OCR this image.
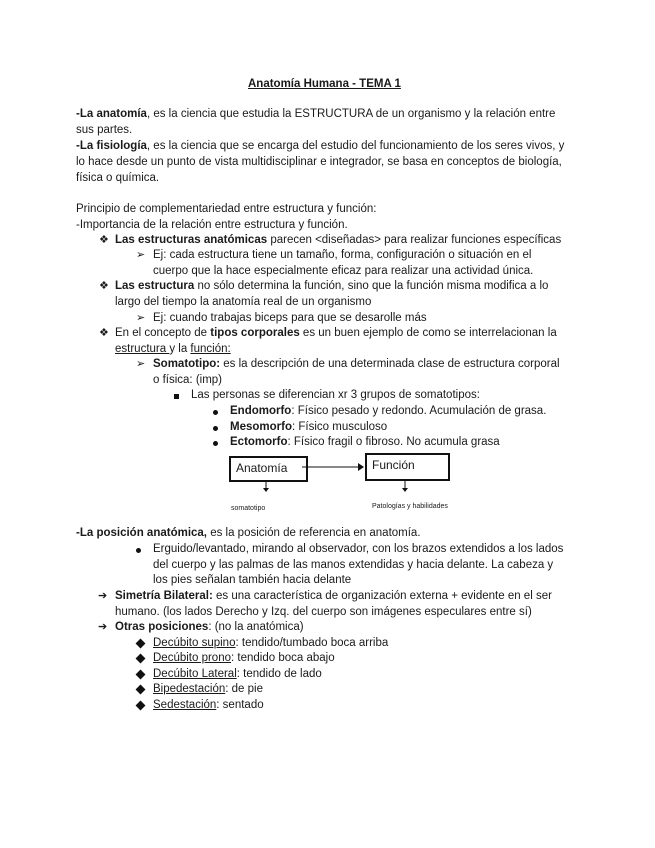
Anatomía Humana - TEMA 1
-La anatomía, es la ciencia que estudia la ESTRUCTURA de un organismo y la relación entre
sus partes.
-La fisiología, es la ciencia que se encarga del estudio del funcionamiento de los seres vivos, y
lo hace desde un punto de vista multidisciplinar e integrador, se basa en conceptos de biología,
física o química.
Principio de complementariedad entre estructura y función:
-Importancia de la relación entre estructura y función.
❖ Las estructuras anatómicas parecen <diseñadas> para realizar funciones específicas
➢ Ej: cada estructura tiene un tamaño, forma, configuración o situación en el
cuerpo que la hace especialmente eficaz para realizar una actividad única.
❖ Las estructura no sólo determina la función, sino que la función misma modifica a lo
largo del tiempo la anatomía real de un organismo
➢ Ej: cuando trabajas biceps para que se desarolle más
❖ En el concepto de tipos corporales es un buen ejemplo de como se interrelacionan la
estructura y la función:
➢ Somatotipo: es la descripción de una determinada clase de estructura corporal
o física: (imp)
Las personas se diferencian xr 3 grupos de somatotipos:
Endomorfo: Físico pesado y redondo. Acumulación de grasa.
Mesomorfo: Físico musculoso
Ectomorfo: Físico fragil o fibroso. No acumula grasa
Anatomía	Función
somatotipo	Patologías y habilidades
-La posición anatómica, es la posición de referencia en anatomía.
Erguido/levantado, mirando al observador, con los brazos extendidos a los lados
del cuerpo y las palmas de las manos extendidas y hacia delante. La cabeza y
los pies señalan también hacia delante
➔ Simetría Bilateral: es una característica de organización externa + evidente en el ser
humano. (los lados Derecho y Izq. del cuerpo son imágenes especulares entre sí)
➔ Otras posiciones: (no la anatómica)
Decúbito supino: tendido/tumbado boca arriba
Decúbito prono: tendido boca abajo
Decúbito Lateral: tendido de lado
Bipedestación: de pie
Sedestación: sentado
